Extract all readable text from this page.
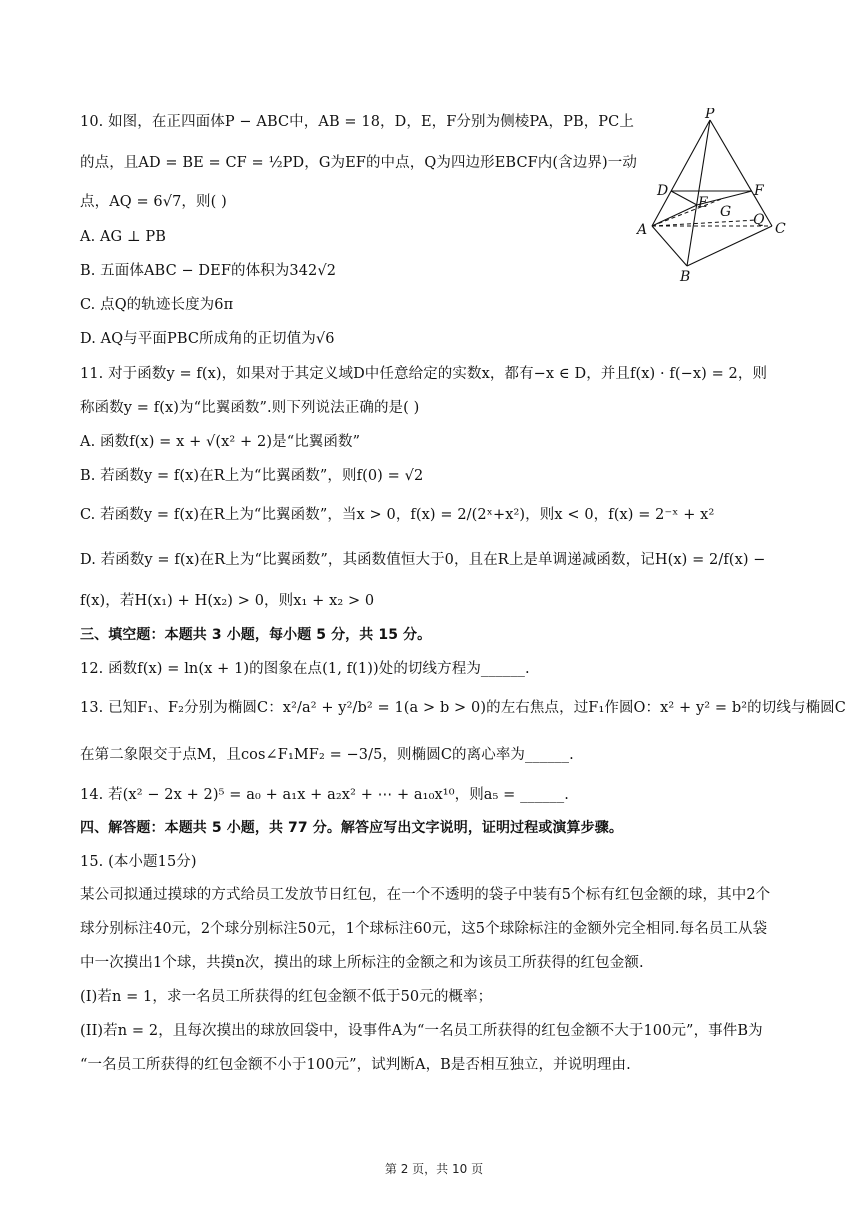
10. 如图，在正四面体P − ABC中，AB = 18，D，E，F分别为侧棱PA，PB，PC上
的点，且AD = BE = CF = ½PD，G为EF的中点，Q为四边形EBCF内(含边界)一动
点，AQ = 6√7，则( )
A. AG ⊥ PB
B. 五面体ABC − DEF的体积为342√2
C. 点Q的轨迹长度为6π
D. AQ与平面PBC所成角的正切值为√6
P
D	F
E
G Q
A	C
B
11. 对于函数y = f(x)，如果对于其定义域D中任意给定的实数x，都有−x ∈ D，并且f(x) · f(−x) = 2，则
称函数y = f(x)为“比翼函数”.则下列说法正确的是( )
A. 函数f(x) = x + √(x² + 2)是“比翼函数”
B. 若函数y = f(x)在R上为“比翼函数”，则f(0) = √2
C. 若函数y = f(x)在R上为“比翼函数”，当x > 0，f(x) = 2/(2ˣ+x²)，则x < 0，f(x) = 2⁻ˣ + x²
D. 若函数y = f(x)在R上为“比翼函数”，其函数值恒大于0，且在R上是单调递减函数，记H(x) = 2/f(x) −
f(x)，若H(x₁) + H(x₂) > 0，则x₁ + x₂ > 0
三、填空题：本题共 3 小题，每小题 5 分，共 15 分。
12. 函数f(x) = ln(x + 1)的图象在点(1, f(1))处的切线方程为______.
13. 已知F₁、F₂分别为椭圆C：x²/a² + y²/b² = 1(a > b > 0)的左右焦点，过F₁作圆O：x² + y² = b²的切线与椭圆C
在第二象限交于点M，且cos∠F₁MF₂ = −3/5，则椭圆C的离心率为______.
14. 若(x² − 2x + 2)⁵ = a₀ + a₁x + a₂x² + ⋯ + a₁₀x¹⁰，则a₅ = ______.
四、解答题：本题共 5 小题，共 77 分。解答应写出文字说明，证明过程或演算步骤。
15. (本小题15分)
某公司拟通过摸球的方式给员工发放节日红包，在一个不透明的袋子中装有5个标有红包金额的球，其中2个
球分别标注40元，2个球分别标注50元，1个球标注60元，这5个球除标注的金额外完全相同.每名员工从袋
中一次摸出1个球，共摸n次，摸出的球上所标注的金额之和为该员工所获得的红包金额.
(I)若n = 1，求一名员工所获得的红包金额不低于50元的概率；
(II)若n = 2，且每次摸出的球放回袋中，设事件A为“一名员工所获得的红包金额不大于100元”，事件B为
“一名员工所获得的红包金额不小于100元”，试判断A，B是否相互独立，并说明理由.
第 2 页，共 10 页
